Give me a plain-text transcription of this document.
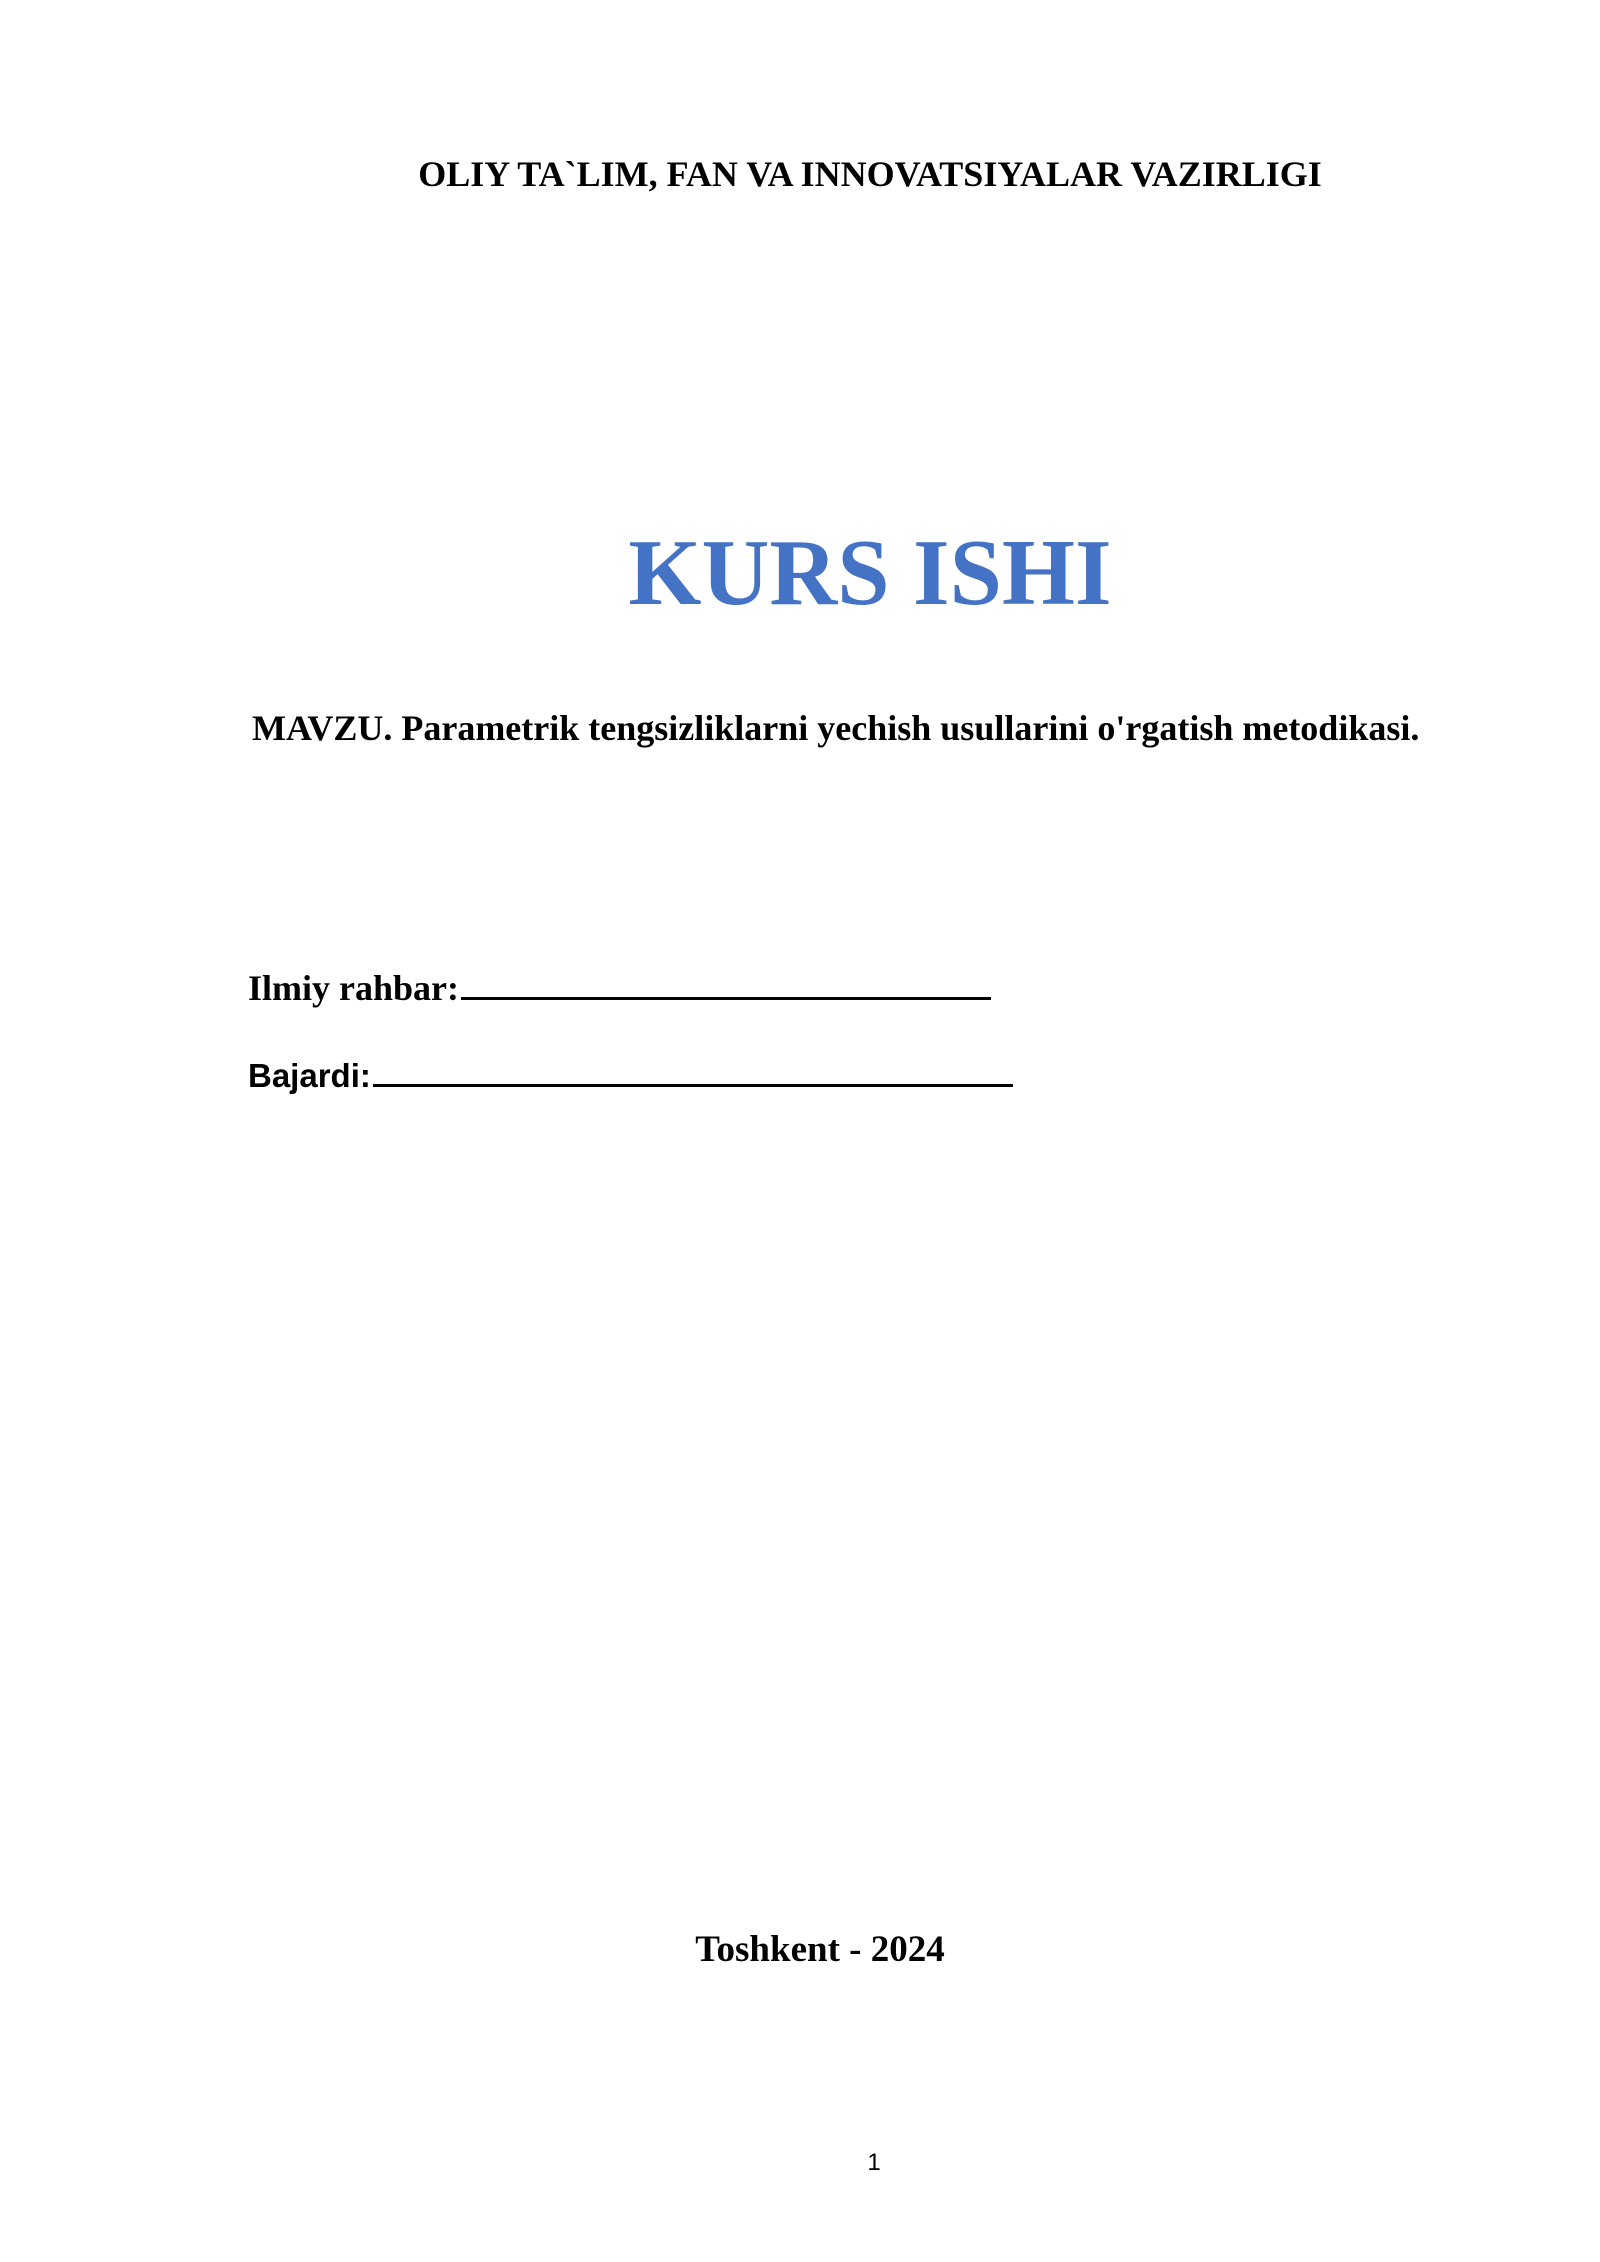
OLIY TA`LIM, FAN VA INNOVATSIYALAR VAZIRLIGI
KURS ISHI
MAVZU. Parametrik tengsizliklarni yechish usullarini o'rgatish metodikasi.
Ilmiy rahbar:
Bajardi:
Toshkent - 2024
1
